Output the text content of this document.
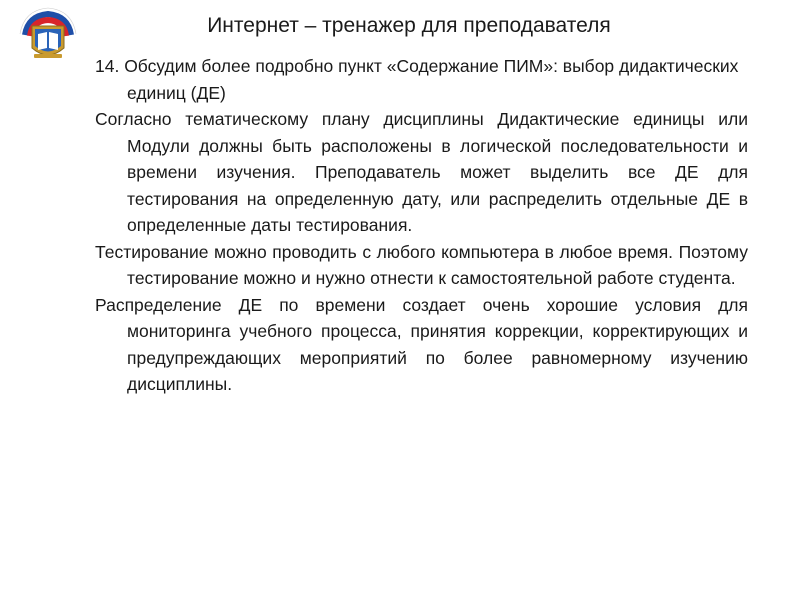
Интернет – тренажер для преподавателя

14. Обсудим более подробно пункт «Содержание ПИМ»: выбор дидактических единиц (ДЕ)

Согласно тематическому плану дисциплины Дидактические единицы или Модули должны быть расположены в логической последовательности и времени изучения. Преподаватель может выделить все ДЕ для тестирования на определенную дату, или распределить отдельные ДЕ в определенные даты тестирования.

Тестирование можно проводить с любого компьютера в любое время. Поэтому тестирование можно и нужно отнести к самостоятельной работе студента.

Распределение ДЕ по времени создает очень хорошие условия для мониторинга учебного процесса, принятия коррекции, корректирующих и предупреждающих мероприятий по более равномерному изучению дисциплины.
